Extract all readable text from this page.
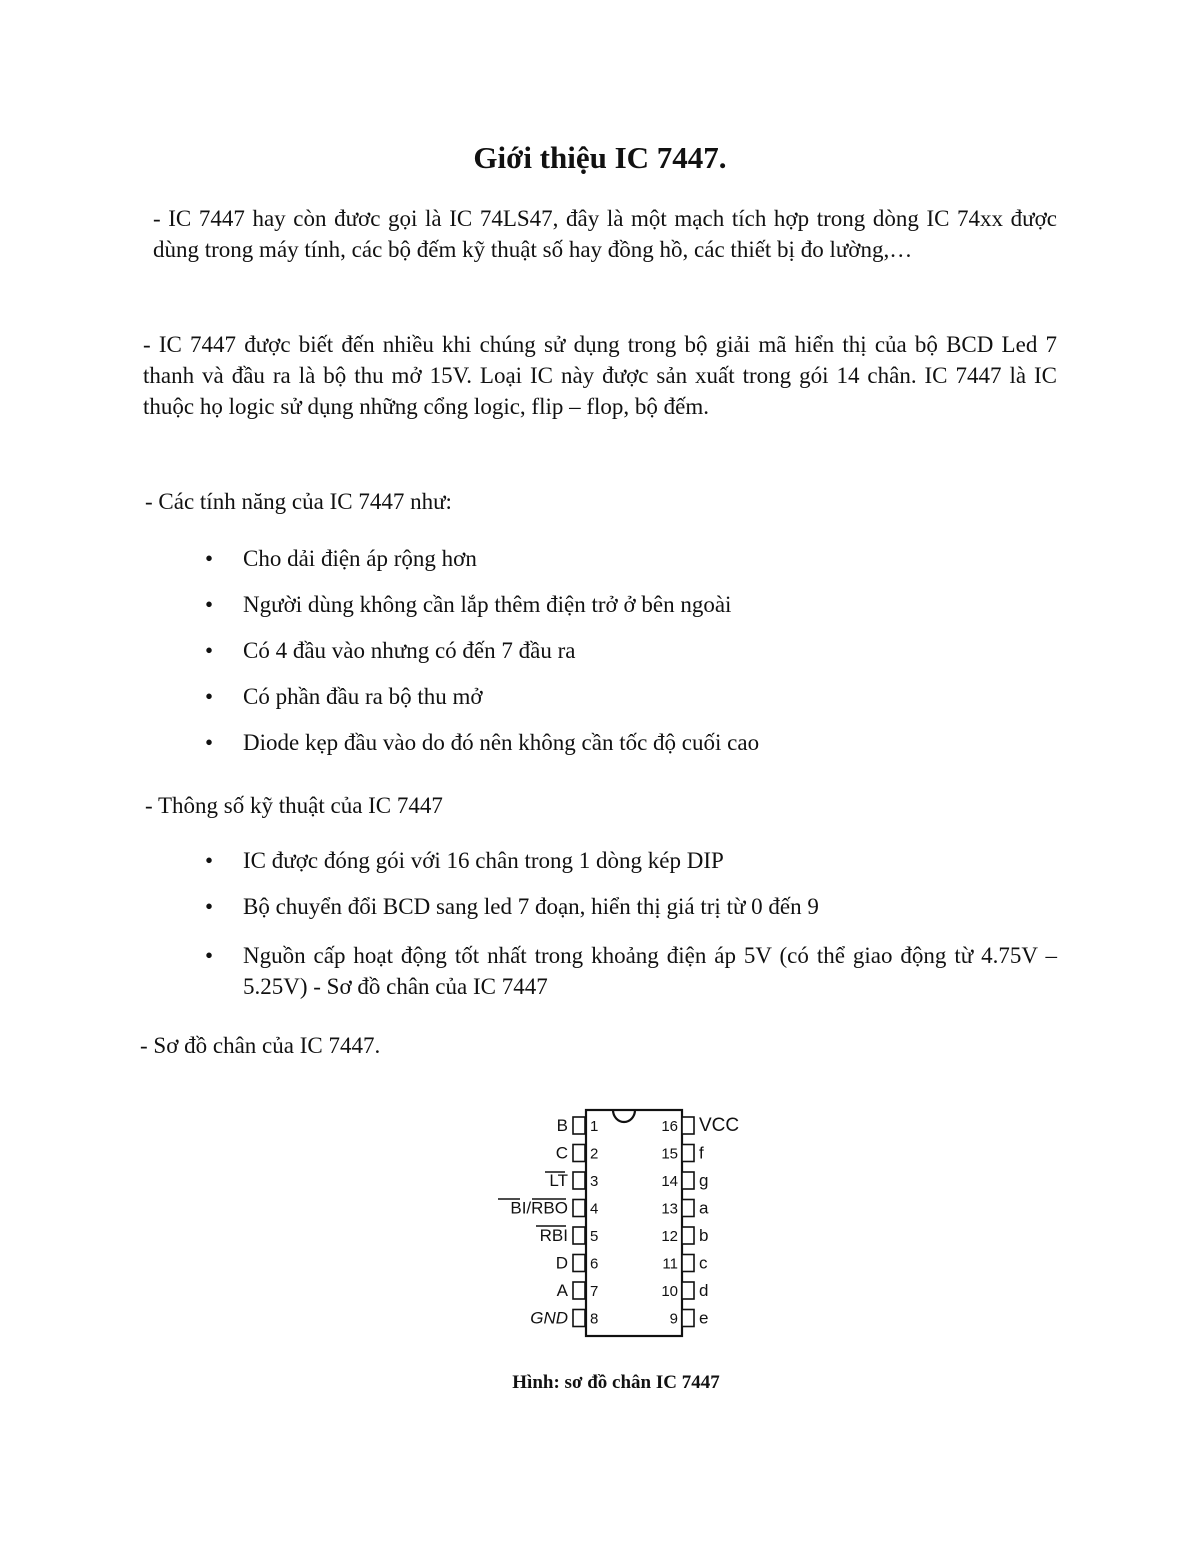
Giới thiệu IC 7447.

- IC 7447 hay còn đươc gọi là IC 74LS47, đây là một mạch tích hợp trong dòng IC 74xx được dùng trong máy tính, các bộ đếm kỹ thuật số hay đồng hồ, các thiết bị đo lường,…

- IC 7447 được biết đến nhiều khi chúng sử dụng trong bộ giải mã hiển thị của bộ BCD Led 7 thanh và đầu ra là bộ thu mở 15V. Loại IC này được sản xuất trong gói 14 chân. IC 7447 là IC thuộc họ logic sử dụng những cổng logic, flip – flop, bộ đếm.

- Các tính năng của IC 7447 như:

• Cho dải điện áp rộng hơn
• Người dùng không cần lắp thêm điện trở ở bên ngoài
• Có 4 đầu vào nhưng có đến 7 đầu ra
• Có phần đầu ra bộ thu mở
• Diode kẹp đầu vào do đó nên không cần tốc độ cuối cao

- Thông số kỹ thuật của IC 7447

• IC được đóng gói với 16 chân trong 1 dòng kép DIP
• Bộ chuyển đổi BCD sang led 7 đoạn, hiển thị giá trị từ 0 đến 9
• Nguồn cấp hoạt động tốt nhất trong khoảng điện áp 5V (có thể giao động từ 4.75V – 5.25V) - Sơ đồ chân của IC 7447

- Sơ đồ chân của IC 7447.

1
B
2
C
3
LT
4
BI/RBO
5
RBI
6
D
7
A
8
GND
16 VCC
15 f
14 g
13 a
12 b
11 c
10 d
9 e
Hình: sơ đồ chân IC 7447
